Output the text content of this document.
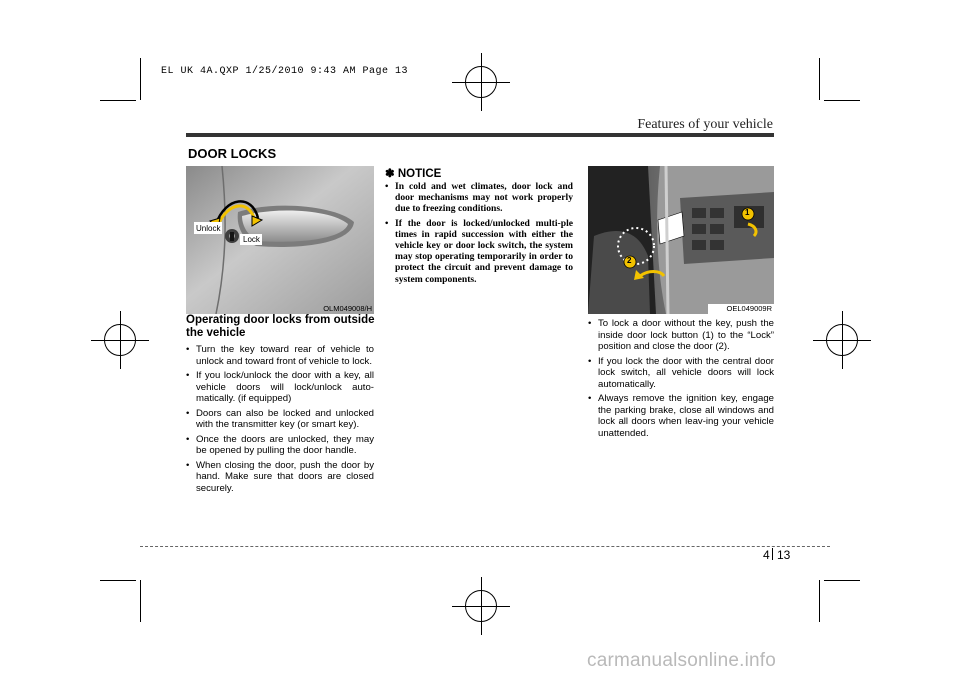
EL UK 4A.QXP 1/25/2010 9:43 AM Page 13
Features of your vehicle
DOOR LOCKS
Unlock
Lock
OLM049008/H
Operating door locks from outside the vehicle
• Turn the key toward rear of vehicle to unlock and toward front of vehicle to lock.
• If you lock/unlock the door with a key, all vehicle doors will lock/unlock auto-matically. (if equipped)
• Doors can also be locked and unlocked with the transmitter key (or smart key).
• Once the doors are unlocked, they may be opened by pulling the door handle.
• When closing the door, push the door by hand. Make sure that doors are closed securely.
✽ NOTICE
• In cold and wet climates, door lock and door mechanisms may not work properly due to freezing conditions.
• If the door is locked/unlocked multi-ple times in rapid succession with either the vehicle key or door lock switch, the system may stop operating temporarily in order to protect the circuit and prevent damage to system components.
1
2
OEL049009R
• To lock a door without the key, push the inside door lock button (1) to the “Lock” position and close the door (2).
• If you lock the door with the central door lock switch, all vehicle doors will lock automatically.
• Always remove the ignition key, engage the parking brake, close all windows and lock all doors when leav-ing your vehicle unattended.
4 13
carmanualsonline.info
